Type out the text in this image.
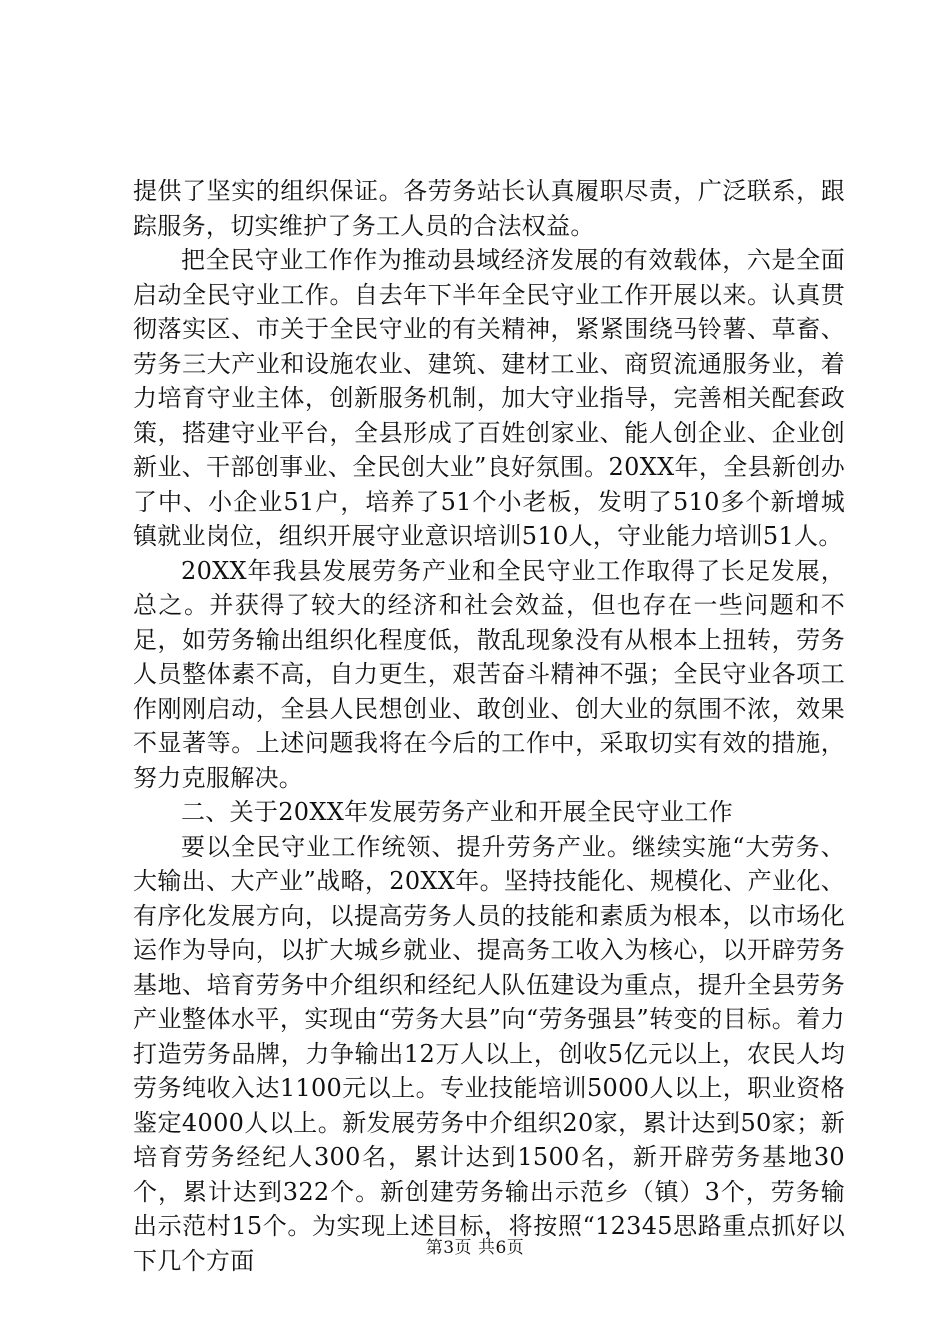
提供了坚实的组织保证。各劳务站长认真履职尽责，广泛联系，跟踪服务，切实维护了务工人员的合法权益。

把全民守业工作作为推动县域经济发展的有效载体，六是全面启动全民守业工作。自去年下半年全民守业工作开展以来。认真贯彻落实区、市关于全民守业的有关精神，紧紧围绕马铃薯、草畜、劳务三大产业和设施农业、建筑、建材工业、商贸流通服务业，着力培育守业主体，创新服务机制，加大守业指导，完善相关配套政策，搭建守业平台，全县形成了百姓创家业、能人创企业、企业创新业、干部创事业、全民创大业”良好氛围。20XX年，全县新创办了中、小企业51户，培养了51个小老板，发明了510多个新增城镇就业岗位，组织开展守业意识培训510人，守业能力培训51人。

20XX年我县发展劳务产业和全民守业工作取得了长足发展，总之。并获得了较大的经济和社会效益，但也存在一些问题和不足，如劳务输出组织化程度低，散乱现象没有从根本上扭转，劳务人员整体素不高，自力更生，艰苦奋斗精神不强；全民守业各项工作刚刚启动，全县人民想创业、敢创业、创大业的氛围不浓，效果不显著等。上述问题我将在今后的工作中，采取切实有效的措施，努力克服解决。

二、关于20XX年发展劳务产业和开展全民守业工作

要以全民守业工作统领、提升劳务产业。继续实施“大劳务、大输出、大产业”战略，20XX年。坚持技能化、规模化、产业化、有序化发展方向，以提高劳务人员的技能和素质为根本，以市场化运作为导向，以扩大城乡就业、提高务工收入为核心，以开辟劳务基地、培育劳务中介组织和经纪人队伍建设为重点，提升全县劳务产业整体水平，实现由“劳务大县”向“劳务强县”转变的目标。着力打造劳务品牌，力争输出12万人以上，创收5亿元以上，农民人均劳务纯收入达1100元以上。专业技能培训5000人以上，职业资格鉴定4000人以上。新发展劳务中介组织20家，累计达到50家；新培育劳务经纪人300名，累计达到1500名，新开辟劳务基地30个，累计达到322个。新创建劳务输出示范乡（镇）3个，劳务输出示范村15个。为实现上述目标，将按照“12345思路重点抓好以下几个方面	第3页 共6页
